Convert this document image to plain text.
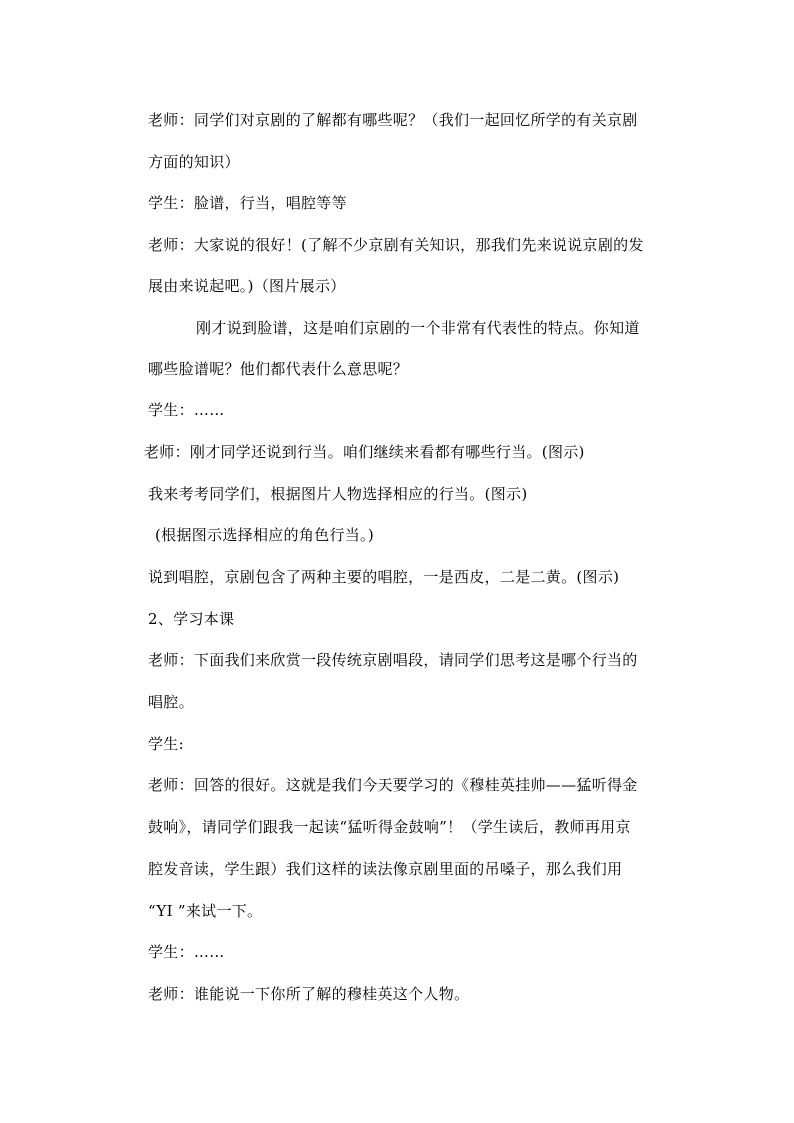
老师：同学们对京剧的了解都有哪些呢？（我们一起回忆所学的有关京剧
方面的知识）
学生：脸谱，行当，唱腔等等
老师：大家说的很好！(了解不少京剧有关知识，那我们先来说说京剧的发
展由来说起吧。)（图片展示）
刚才说到脸谱，这是咱们京剧的一个非常有代表性的特点。你知道
哪些脸谱呢？他们都代表什么意思呢？
学生：……
老师：刚才同学还说到行当。咱们继续来看都有哪些行当。(图示)
我来考考同学们，根据图片人物选择相应的行当。(图示)
(根据图示选择相应的角色行当。)
说到唱腔，京剧包含了两种主要的唱腔，一是西皮，二是二黄。(图示)
2、学习本课
老师：下面我们来欣赏一段传统京剧唱段，请同学们思考这是哪个行当的
唱腔。
学生:
老师：回答的很好。这就是我们今天要学习的《穆桂英挂帅——猛听得金
鼓响》，请同学们跟我一起读“猛听得金鼓响”！（学生读后，教师再用京
腔发音读，学生跟）我们这样的读法像京剧里面的吊嗓子，那么我们用
“YI ”来试一下。
学生：……
老师：谁能说一下你所了解的穆桂英这个人物。
